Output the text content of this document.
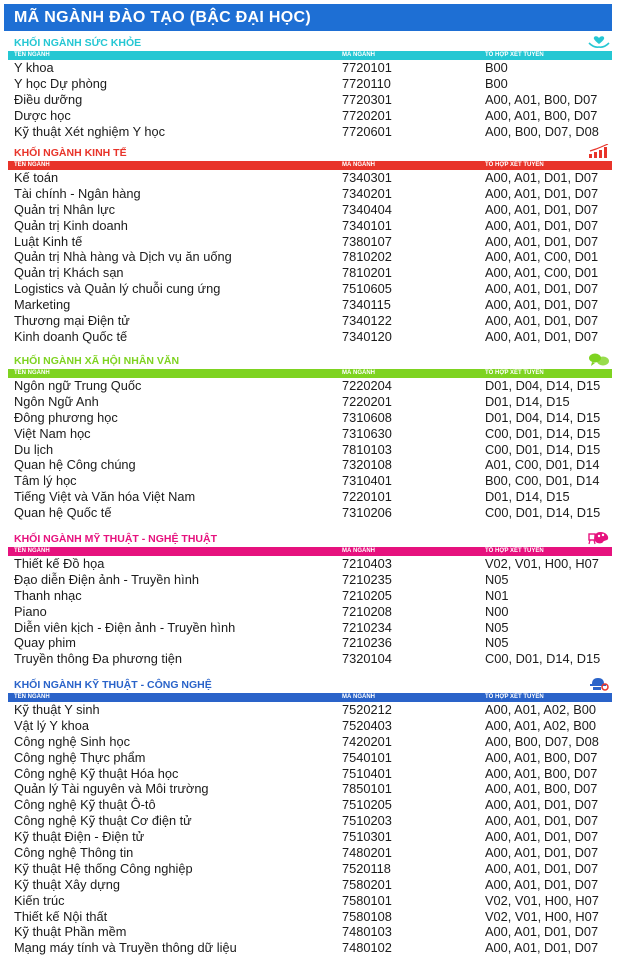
MÃ NGÀNH ĐÀO TẠO (BẬC ĐẠI HỌC)
KHỐI NGÀNH SỨC KHỎE
TÊN NGÀNH	MÃ NGÀNH	TỔ HỢP XÉT TUYỂN
Y khoa	7720101	B00
Y học Dự phòng	7720110	B00
Điều dưỡng	7720301	A00, A01, B00, D07
Dược học	7720201	A00, A01, B00, D07
Kỹ thuật Xét nghiệm Y học	7720601	A00, B00, D07, D08
KHỐI NGÀNH KINH TẾ
TÊN NGÀNH	MÃ NGÀNH	TỔ HỢP XÉT TUYỂN
Kế toán	7340301	A00, A01, D01, D07
Tài chính - Ngân hàng	7340201	A00, A01, D01, D07
Quản trị Nhân lực	7340404	A00, A01, D01, D07
Quản trị Kinh doanh	7340101	A00, A01, D01, D07
Luật Kinh tế	7380107	A00, A01, D01, D07
Quản trị Nhà hàng và Dịch vụ ăn uống	7810202	A00, A01, C00, D01
Quản trị Khách sạn	7810201	A00, A01, C00, D01
Logistics và Quản lý chuỗi cung ứng	7510605	A00, A01, D01, D07
Marketing	7340115	A00, A01, D01, D07
Thương mại Điện tử	7340122	A00, A01, D01, D07
Kinh doanh Quốc tế	7340120	A00, A01, D01, D07
KHỐI NGÀNH XÃ HỘI NHÂN VĂN
TÊN NGÀNH	MÃ NGÀNH	TỔ HỢP XÉT TUYỂN
Ngôn ngữ Trung Quốc	7220204	D01, D04, D14, D15
Ngôn Ngữ Anh	7220201	D01, D14, D15
Đông phương học	7310608	D01, D04, D14, D15
Việt Nam học	7310630	C00, D01, D14, D15
Du lịch	7810103	C00, D01, D14, D15
Quan hệ Công chúng	7320108	A01, C00, D01, D14
Tâm lý học	7310401	B00, C00, D01, D14
Tiếng Việt và Văn hóa Việt Nam	7220101	D01, D14, D15
Quan hệ Quốc tế	7310206	C00, D01, D14, D15
KHỐI NGÀNH MỸ THUẬT - NGHỆ THUẬT
TÊN NGÀNH	MÃ NGÀNH	TỔ HỢP XÉT TUYỂN
Thiết kế Đồ họa	7210403	V02, V01, H00, H07
Đạo diễn Điện ảnh - Truyền hình	7210235	N05
Thanh nhạc	7210205	N01
Piano	7210208	N00
Diễn viên kịch - Điện ảnh - Truyền hình	7210234	N05
Quay phim	7210236	N05
Truyền thông Đa phương tiện	7320104	C00, D01, D14, D15
KHỐI NGÀNH KỸ THUẬT - CÔNG NGHỆ
TÊN NGÀNH	MÃ NGÀNH	TỔ HỢP XÉT TUYỂN
Kỹ thuật Y sinh	7520212	A00, A01, A02, B00
Vật lý Y khoa	7520403	A00, A01, A02, B00
Công nghệ Sinh học	7420201	A00, B00, D07, D08
Công nghệ Thực phẩm	7540101	A00, A01, B00, D07
Công nghệ Kỹ thuật Hóa học	7510401	A00, A01, B00, D07
Quản lý Tài nguyên và Môi trường	7850101	A00, A01, B00, D07
Công nghệ Kỹ thuật Ô-tô	7510205	A00, A01, D01, D07
Công nghệ Kỹ thuật Cơ điện tử	7510203	A00, A01, D01, D07
Kỹ thuật Điện - Điện tử	7510301	A00, A01, D01, D07
Công nghệ Thông tin	7480201	A00, A01, D01, D07
Kỹ thuật Hệ thống Công nghiệp	7520118	A00, A01, D01, D07
Kỹ thuật Xây dựng	7580201	A00, A01, D01, D07
Kiến trúc	7580101	V02, V01, H00, H07
Thiết kế Nội thất	7580108	V02, V01, H00, H07
Kỹ thuật Phần mềm	7480103	A00, A01, D01, D07
Mạng máy tính và Truyền thông dữ liệu	7480102	A00, A01, D01, D07
